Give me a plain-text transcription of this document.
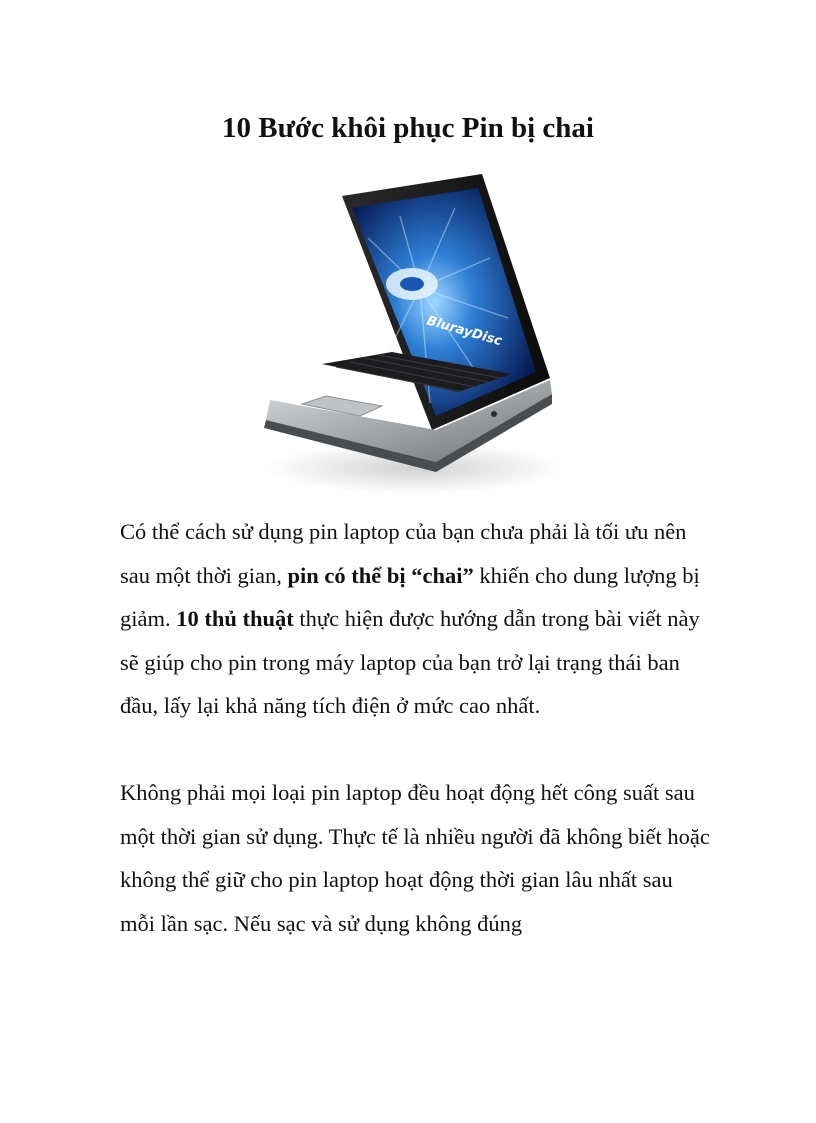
10 Bước khôi phục Pin bị chai
BlurayDisc

Có thể cách sử dụng pin laptop của bạn chưa phải là tối ưu nên sau một thời gian, pin có thể bị “chai” khiến cho dung lượng bị giảm. 10 thủ thuật thực hiện được hướng dẫn trong bài viết này sẽ giúp cho pin trong máy laptop của bạn trở lại trạng thái ban đầu, lấy lại khả năng tích điện ở mức cao nhất.

Không phải mọi loại pin laptop đều hoạt động hết công suất sau một thời gian sử dụng. Thực tế là nhiều người đã không biết hoặc không thể giữ cho pin laptop hoạt động thời gian lâu nhất sau mỗi lần sạc. Nếu sạc và sử dụng không đúng
